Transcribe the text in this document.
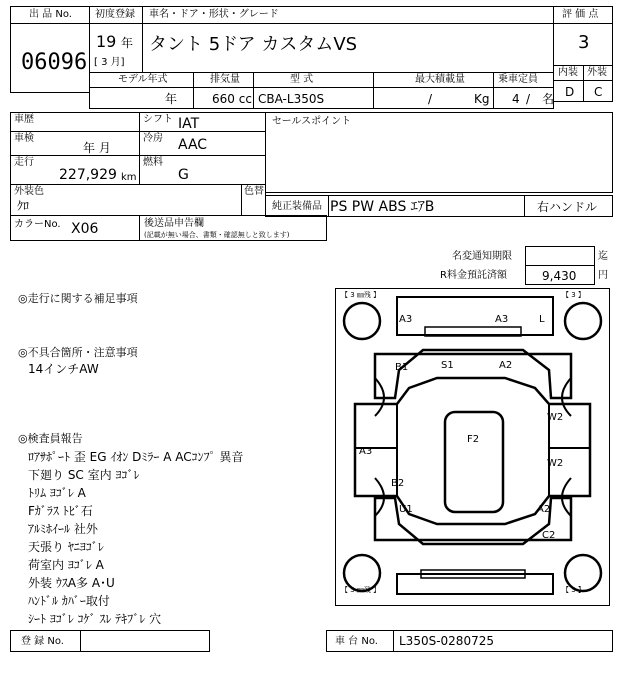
出 品 No.
06096
初度登録 車名・ドア・形状・グレード
19 年
[ 3 月]
タント 5ドア カスタムVS
評 価 点
3
内装 外装
D C
モデル年式	排気量	型 式	最大積載量	乗車定員
年	660 cc CBA-L350S	/	Kg 4 / 名
車歴	シフト IAT
車検
年 月
冷房 AAC
走行
227,929 km
燃料
G
セールスポイント
外装色
ｸﾛ
色替
純正装備品 PS PW ABS ｴｱB	右ハンドル
カラーNo. X06	後送品申告欄
(記載が無い場合、書類・確認無しと致します)
名変通知期限	迄
R料金預託済額	9,430 円
◎走行に関する補足事項
◎不具合箇所・注意事項
14インチAW
◎検査員報告
ﾛｱｻﾎﾟｰﾄ 歪 EG ｲｵﾝ Dﾐﾗｰ A ACｺﾝﾌﾟ 異音
下廻り SC 室内 ﾖｺﾞﾚ
ﾄﾘﾑ ﾖｺﾞﾚ A
Fｶﾞﾗｽ ﾄﾋﾞ石
ｱﾙﾐﾎｲｰﾙ 社外
天張り ﾔﾆﾖｺﾞﾚ
荷室内 ﾖｺﾞﾚ A
外装 ｳｽA多 A･U
ﾊﾝﾄﾞﾙ ｶﾊﾞｰ取付
ｼｰﾄ ﾖｺﾞﾚ ｺｹﾞ ｽﾚ ﾃｷﾌﾞﾚ 穴
【 3 ㎜残 】	【 3 】
【 3 ㎜残 】	【 3 】
A3	A3	L
B1	S1	A2
W2
F2
A3
W2
B2
U1	A2
C2
登 録 No.	車 台 No. L350S-0280725
